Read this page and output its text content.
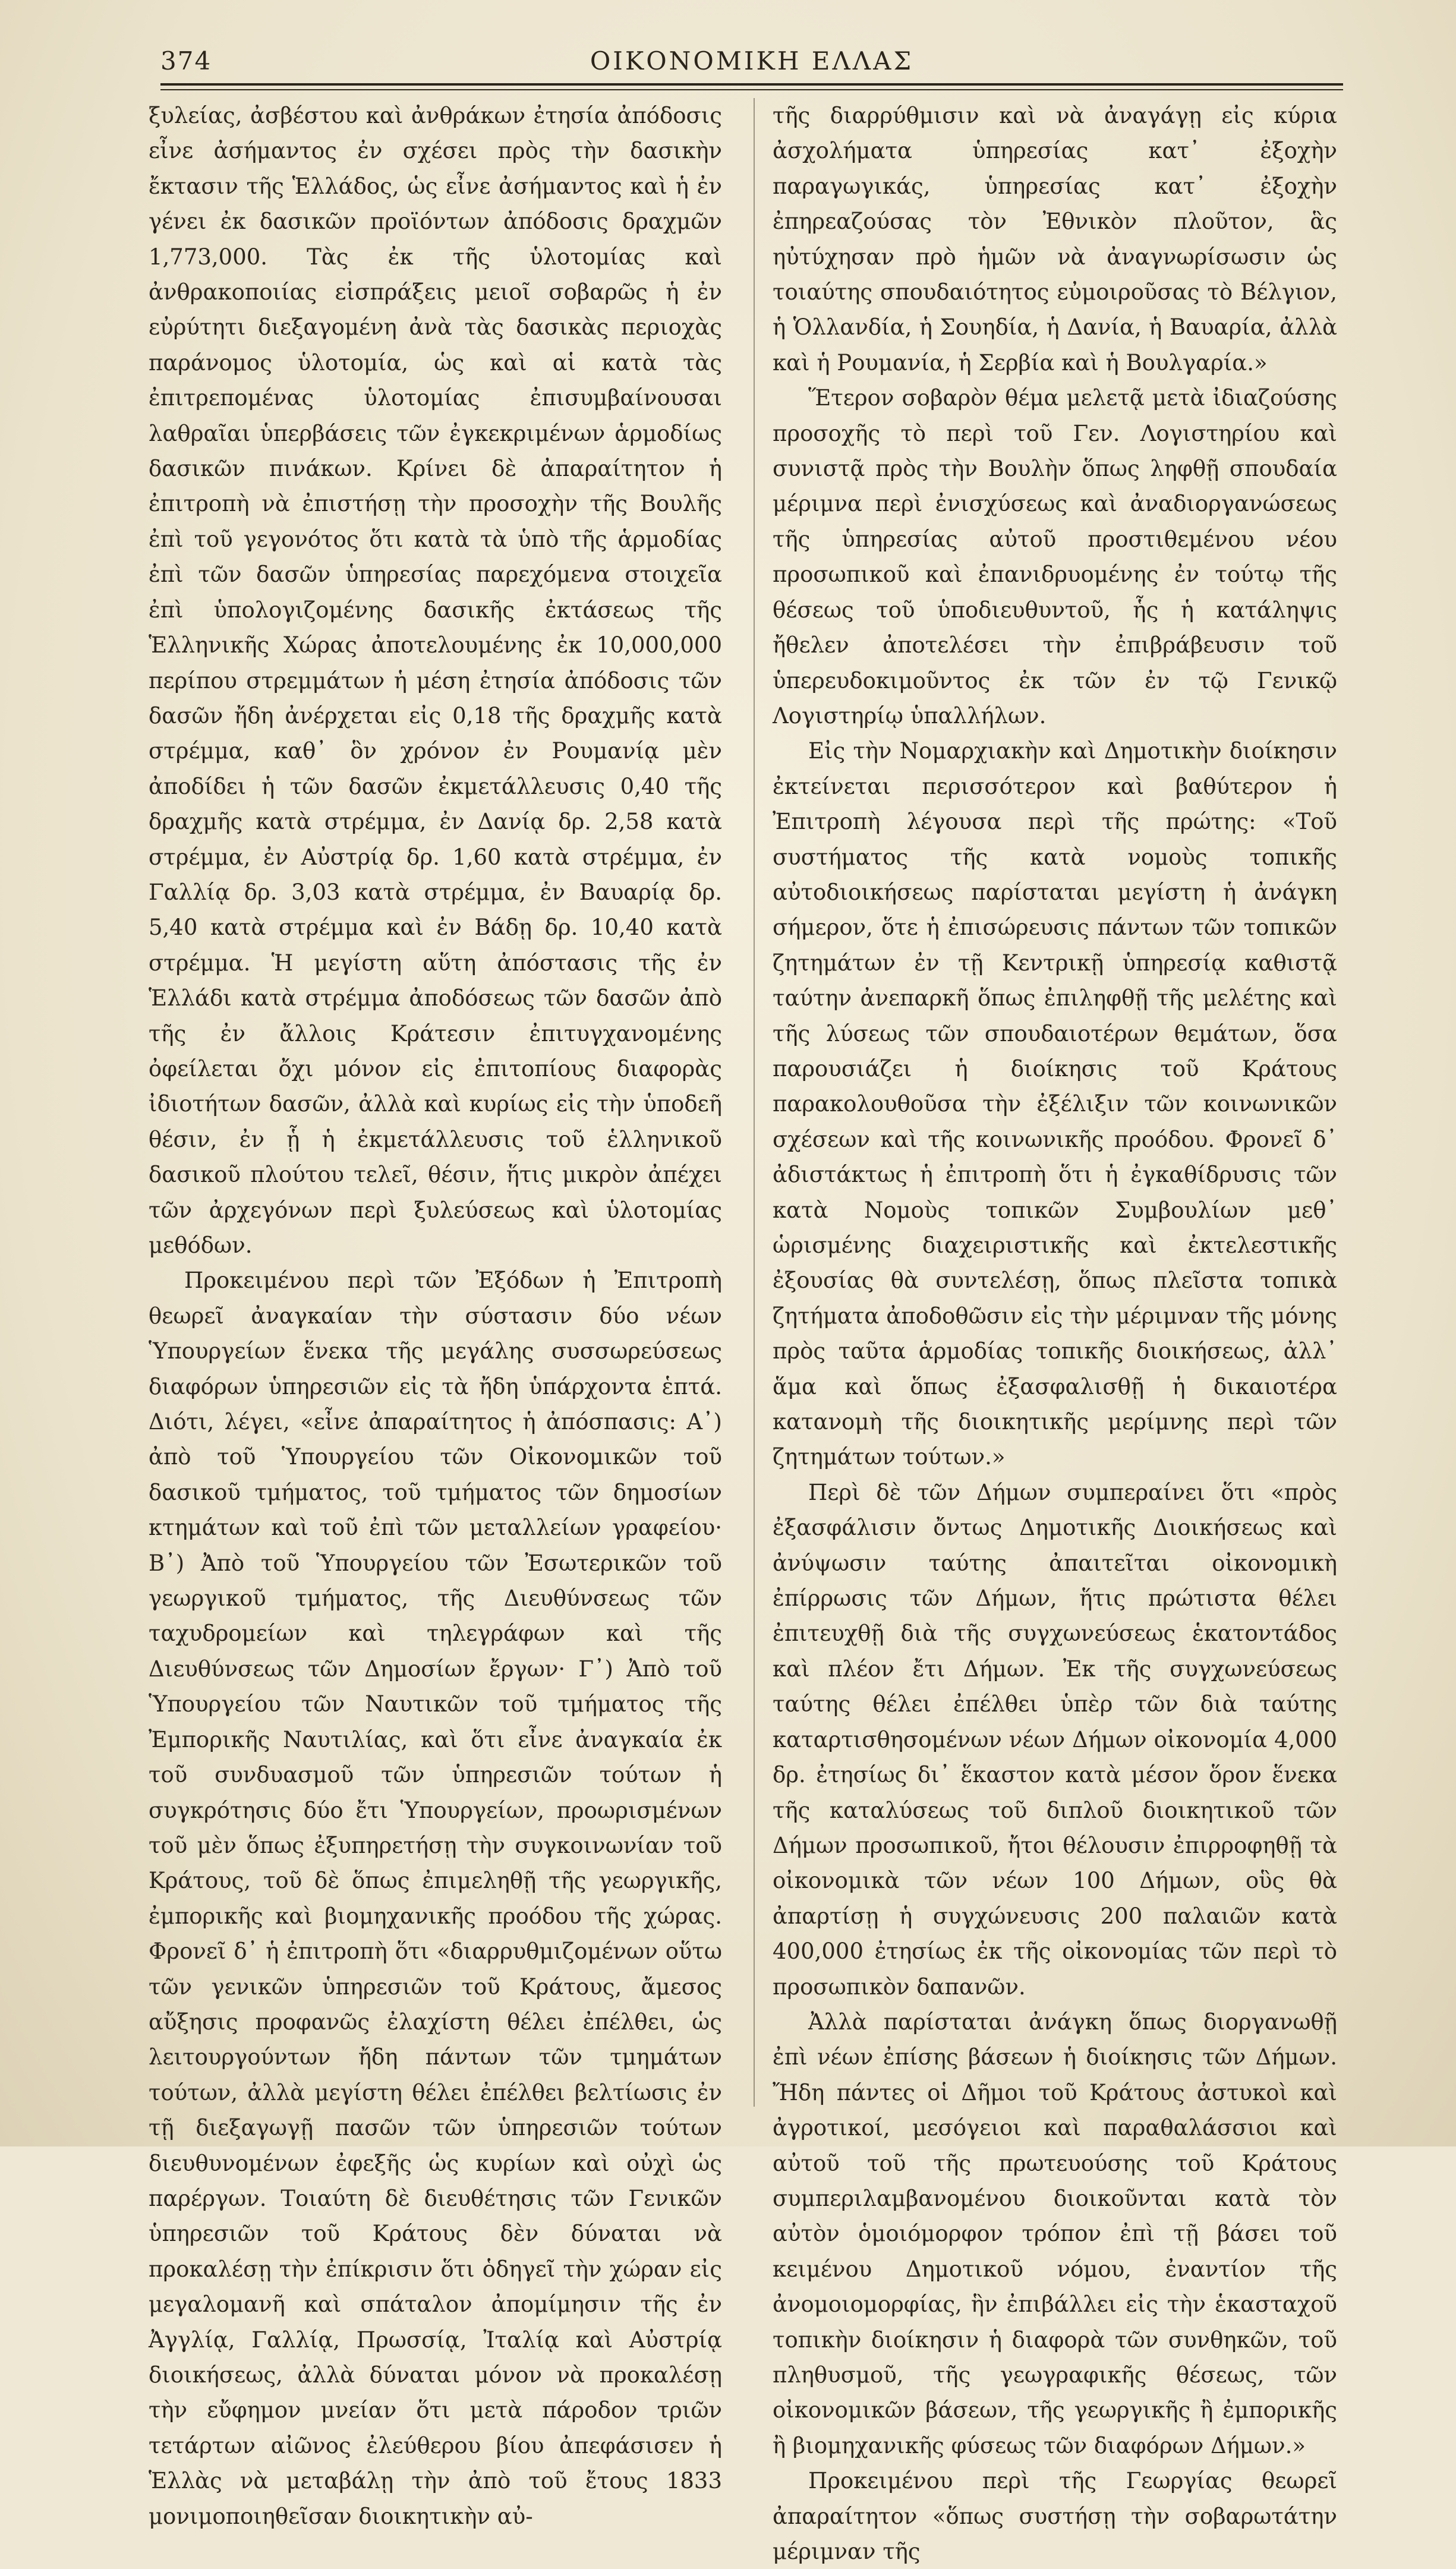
374	ΟΙΚΟΝΟΜΙΚΗ ΕΛΛΑΣ

ξυλείας, ἀσβέστου καὶ ἀνθράκων ἐτησία ἀπόδοσις εἶνε ἀσήμαντος ἐν σχέσει πρὸς τὴν δασικὴν ἔκτασιν τῆς Ἑλλάδος, ὡς εἶνε ἀσήμαντος καὶ ἡ ἐν γένει ἐκ δασικῶν προϊόντων ἀπόδοσις δραχμῶν 1,773,000. Τὰς ἐκ τῆς ὑλοτομίας καὶ ἀνθρακοποιίας εἰσπράξεις μειοῖ σοβαρῶς ἡ ἐν εὐρύτητι διεξαγομένη ἀνὰ τὰς δασικὰς περιοχὰς παράνομος ὑλοτομία, ὡς καὶ αἱ κατὰ τὰς ἐπιτρεπομένας ὑλοτομίας ἐπισυμβαίνουσαι λαθραῖαι ὑπερβάσεις τῶν ἐγκεκριμένων ἁρμοδίως δασικῶν πινάκων. Κρίνει δὲ ἀπαραίτητον ἡ ἐπιτροπὴ νὰ ἐπιστήσῃ τὴν προσοχὴν τῆς Βουλῆς ἐπὶ τοῦ γεγονότος ὅτι κατὰ τὰ ὑπὸ τῆς ἁρμοδίας ἐπὶ τῶν δασῶν ὑπηρεσίας παρεχόμενα στοιχεῖα ἐπὶ ὑπολογιζομένης δασικῆς ἐκτάσεως τῆς Ἑλληνικῆς Χώρας ἀποτελουμένης ἐκ 10,000,000 περίπου στρεμμάτων ἡ μέση ἐτησία ἀπόδοσις τῶν δασῶν ἤδη ἀνέρχεται εἰς 0,18 τῆς δραχμῆς κατὰ στρέμμα, καθ᾽ ὃν χρόνον ἐν Ρουμανίᾳ μὲν ἀποδίδει ἡ τῶν δασῶν ἐκμετάλλευσις 0,40 τῆς δραχμῆς κατὰ στρέμμα, ἐν Δανίᾳ δρ. 2,58 κατὰ στρέμμα, ἐν Αὐστρίᾳ δρ. 1,60 κατὰ στρέμμα, ἐν Γαλλίᾳ δρ. 3,03 κατὰ στρέμμα, ἐν Βαυαρίᾳ δρ. 5,40 κατὰ στρέμμα καὶ ἐν Βάδῃ δρ. 10,40 κατὰ στρέμμα. Ἡ μεγίστη αὕτη ἀπόστασις τῆς ἐν Ἑλλάδι κατὰ στρέμμα ἀποδόσεως τῶν δασῶν ἀπὸ τῆς ἐν ἄλλοις Κράτεσιν ἐπιτυγχανομένης ὀφείλεται ὄχι μόνον εἰς ἐπιτοπίους διαφορὰς ἰδιοτήτων δασῶν, ἀλλὰ καὶ κυρίως εἰς τὴν ὑποδεῆ θέσιν, ἐν ᾗ ἡ ἐκμετάλλευσις τοῦ ἑλληνικοῦ δασικοῦ πλούτου τελεῖ, θέσιν, ἥτις μικρὸν ἀπέχει τῶν ἀρχεγόνων περὶ ξυλεύσεως καὶ ὑλοτομίας μεθόδων.

Προκειμένου περὶ τῶν Ἐξόδων ἡ Ἐπιτροπὴ θεωρεῖ ἀναγκαίαν τὴν σύστασιν δύο νέων Ὑπουργείων ἕνεκα τῆς μεγάλης συσσωρεύσεως διαφόρων ὑπηρεσιῶν εἰς τὰ ἤδη ὑπάρχοντα ἑπτά. Διότι, λέγει, «εἶνε ἀπαραίτητος ἡ ἀπόσπασις: Α᾽) ἀπὸ τοῦ Ὑπουργείου τῶν Οἰκονομικῶν τοῦ δασικοῦ τμήματος, τοῦ τμήματος τῶν δημοσίων κτημάτων καὶ τοῦ ἐπὶ τῶν μεταλλείων γραφείου· Β᾽) Ἀπὸ τοῦ Ὑπουργείου τῶν Ἐσωτερικῶν τοῦ γεωργικοῦ τμήματος, τῆς Διευθύνσεως τῶν ταχυδρομείων καὶ τηλεγράφων καὶ τῆς Διευθύνσεως τῶν Δημοσίων ἔργων· Γ᾽) Ἀπὸ τοῦ Ὑπουργείου τῶν Ναυτικῶν τοῦ τμήματος τῆς Ἐμπορικῆς Ναυτιλίας, καὶ ὅτι εἶνε ἀναγκαία ἐκ τοῦ συνδυασμοῦ τῶν ὑπηρεσιῶν τούτων ἡ συγκρότησις δύο ἔτι Ὑπουργείων, προωρισμένων τοῦ μὲν ὅπως ἐξυπηρετήσῃ τὴν συγκοινωνίαν τοῦ Κράτους, τοῦ δὲ ὅπως ἐπιμεληθῇ τῆς γεωργικῆς, ἐμπορικῆς καὶ βιομηχανικῆς προόδου τῆς χώρας. Φρονεῖ δ᾽ ἡ ἐπιτροπὴ ὅτι «διαρρυθμιζομένων οὕτω τῶν γενικῶν ὑπηρεσιῶν τοῦ Κράτους, ἄμεσος αὔξησις προφανῶς ἐλαχίστη θέλει ἐπέλθει, ὡς λειτουργούντων ἤδη πάντων τῶν τμημάτων τούτων, ἀλλὰ μεγίστη θέλει ἐπέλθει βελτίωσις ἐν τῇ διεξαγωγῇ πασῶν τῶν ὑπηρεσιῶν τούτων διευθυνομένων ἐφεξῆς ὡς κυρίων καὶ οὐχὶ ὡς παρέργων. Τοιαύτη δὲ διευθέτησις τῶν Γενικῶν ὑπηρεσιῶν τοῦ Κράτους δὲν δύναται νὰ προκαλέσῃ τὴν ἐπίκρισιν ὅτι ὁδηγεῖ τὴν χώραν εἰς μεγαλομανῆ καὶ σπάταλον ἀπομίμησιν τῆς ἐν Ἀγγλίᾳ, Γαλλίᾳ, Πρωσσίᾳ, Ἰταλίᾳ καὶ Αὐστρίᾳ διοικήσεως, ἀλλὰ δύναται μόνον νὰ προκαλέσῃ τὴν εὔφημον μνείαν ὅτι μετὰ πάροδον τριῶν τετάρτων αἰῶνος ἐλεύθερου βίου ἀπεφάσισεν ἡ Ἑλλὰς νὰ μεταβάλῃ τὴν ἀπὸ τοῦ ἔτους 1833 μονιμοποιηθεῖσαν διοικητικὴν αὐ-

τῆς διαρρύθμισιν καὶ νὰ ἀναγάγῃ εἰς κύρια ἀσχολήματα ὑπηρεσίας κατ᾽ ἐξοχὴν παραγωγικάς, ὑπηρεσίας κατ᾽ ἐξοχὴν ἐπηρεαζούσας τὸν Ἐθνικὸν πλοῦτον, ἃς ηὐτύχησαν πρὸ ἡμῶν νὰ ἀναγνωρίσωσιν ὡς τοιαύτης σπουδαιότητος εὐμοιροῦσας τὸ Βέλγιον, ἡ Ὁλλανδία, ἡ Σουηδία, ἡ Δανία, ἡ Βαυαρία, ἀλλὰ καὶ ἡ Ρουμανία, ἡ Σερβία καὶ ἡ Βουλγαρία.»

Ἕτερον σοβαρὸν θέμα μελετᾷ μετὰ ἰδιαζούσης προσοχῆς τὸ περὶ τοῦ Γεν. Λογιστηρίου καὶ συνιστᾷ πρὸς τὴν Βουλὴν ὅπως ληφθῇ σπουδαία μέριμνα περὶ ἐνισχύσεως καὶ ἀναδιοργανώσεως τῆς ὑπηρεσίας αὐτοῦ προστιθεμένου νέου προσωπικοῦ καὶ ἐπανιδρυομένης ἐν τούτῳ τῆς θέσεως τοῦ ὑποδιευθυντοῦ, ἧς ἡ κατάληψις ἤθελεν ἀποτελέσει τὴν ἐπιβράβευσιν τοῦ ὑπερευδοκιμοῦντος ἐκ τῶν ἐν τῷ Γενικῷ Λογιστηρίῳ ὑπαλλήλων.

Εἰς τὴν Νομαρχιακὴν καὶ Δημοτικὴν διοίκησιν ἐκτείνεται περισσότερον καὶ βαθύτερον ἡ Ἐπιτροπὴ λέγουσα περὶ τῆς πρώτης: «Τοῦ συστήματος τῆς κατὰ νομοὺς τοπικῆς αὐτοδιοικήσεως παρίσταται μεγίστη ἡ ἀνάγκη σήμερον, ὅτε ἡ ἐπισώρευσις πάντων τῶν τοπικῶν ζητημάτων ἐν τῇ Κεντρικῇ ὑπηρεσίᾳ καθιστᾷ ταύτην ἀνεπαρκῆ ὅπως ἐπιληφθῇ τῆς μελέτης καὶ τῆς λύσεως τῶν σπουδαιοτέρων θεμάτων, ὅσα παρουσιάζει ἡ διοίκησις τοῦ Κράτους παρακολουθοῦσα τὴν ἐξέλιξιν τῶν κοινωνικῶν σχέσεων καὶ τῆς κοινωνικῆς προόδου. Φρονεῖ δ᾽ ἀδιστάκτως ἡ ἐπιτροπὴ ὅτι ἡ ἐγκαθίδρυσις τῶν κατὰ Νομοὺς τοπικῶν Συμβουλίων μεθ᾽ ὡρισμένης διαχειριστικῆς καὶ ἐκτελεστικῆς ἐξουσίας θὰ συντελέσῃ, ὅπως πλεῖστα τοπικὰ ζητήματα ἀποδοθῶσιν εἰς τὴν μέριμναν τῆς μόνης πρὸς ταῦτα ἁρμοδίας τοπικῆς διοικήσεως, ἀλλ᾽ ἅμα καὶ ὅπως ἐξασφαλισθῇ ἡ δικαιοτέρα κατανομὴ τῆς διοικητικῆς μερίμνης περὶ τῶν ζητημάτων τούτων.»

Περὶ δὲ τῶν Δήμων συμπεραίνει ὅτι «πρὸς ἐξασφάλισιν ὄντως Δημοτικῆς Διοικήσεως καὶ ἀνύψωσιν ταύτης ἀπαιτεῖται οἰκονομικὴ ἐπίρρωσις τῶν Δήμων, ἥτις πρώτιστα θέλει ἐπιτευχθῇ διὰ τῆς συγχωνεύσεως ἑκατοντάδος καὶ πλέον ἔτι Δήμων. Ἐκ τῆς συγχωνεύσεως ταύτης θέλει ἐπέλθει ὑπὲρ τῶν διὰ ταύτης καταρτισθησομένων νέων Δήμων οἰκονομία 4,000 δρ. ἐτησίως δι᾽ ἕκαστον κατὰ μέσον ὅρον ἕνεκα τῆς καταλύσεως τοῦ διπλοῦ διοικητικοῦ τῶν Δήμων προσωπικοῦ, ἤτοι θέλουσιν ἐπιρροφηθῇ τὰ οἰκονομικὰ τῶν νέων 100 Δήμων, οὓς θὰ ἀπαρτίσῃ ἡ συγχώνευσις 200 παλαιῶν κατὰ 400,000 ἐτησίως ἐκ τῆς οἰκονομίας τῶν περὶ τὸ προσωπικὸν δαπανῶν.

Ἀλλὰ παρίσταται ἀνάγκη ὅπως διοργανωθῇ ἐπὶ νέων ἐπίσης βάσεων ἡ διοίκησις τῶν Δήμων. Ἤδη πάντες οἱ Δῆμοι τοῦ Κράτους ἀστυκοὶ καὶ ἀγροτικοί, μεσόγειοι καὶ παραθαλάσσιοι καὶ αὐτοῦ τοῦ τῆς πρωτευούσης τοῦ Κράτους συμπεριλαμβανομένου διοικοῦνται κατὰ τὸν αὐτὸν ὁμοιόμορφον τρόπον ἐπὶ τῇ βάσει τοῦ κειμένου Δημοτικοῦ νόμου, ἐναντίον τῆς ἀνομοιομορφίας, ἣν ἐπιβάλλει εἰς τὴν ἑκασταχοῦ τοπικὴν διοίκησιν ἡ διαφορὰ τῶν συνθηκῶν, τοῦ πληθυσμοῦ, τῆς γεωγραφικῆς θέσεως, τῶν οἰκονομικῶν βάσεων, τῆς γεωργικῆς ἢ ἐμπορικῆς ἢ βιομηχανικῆς φύσεως τῶν διαφόρων Δήμων.»

Προκειμένου περὶ τῆς Γεωργίας θεωρεῖ ἀπαραίτητον «ὅπως συστήσῃ τὴν σοβαρωτάτην μέριμναν τῆς
